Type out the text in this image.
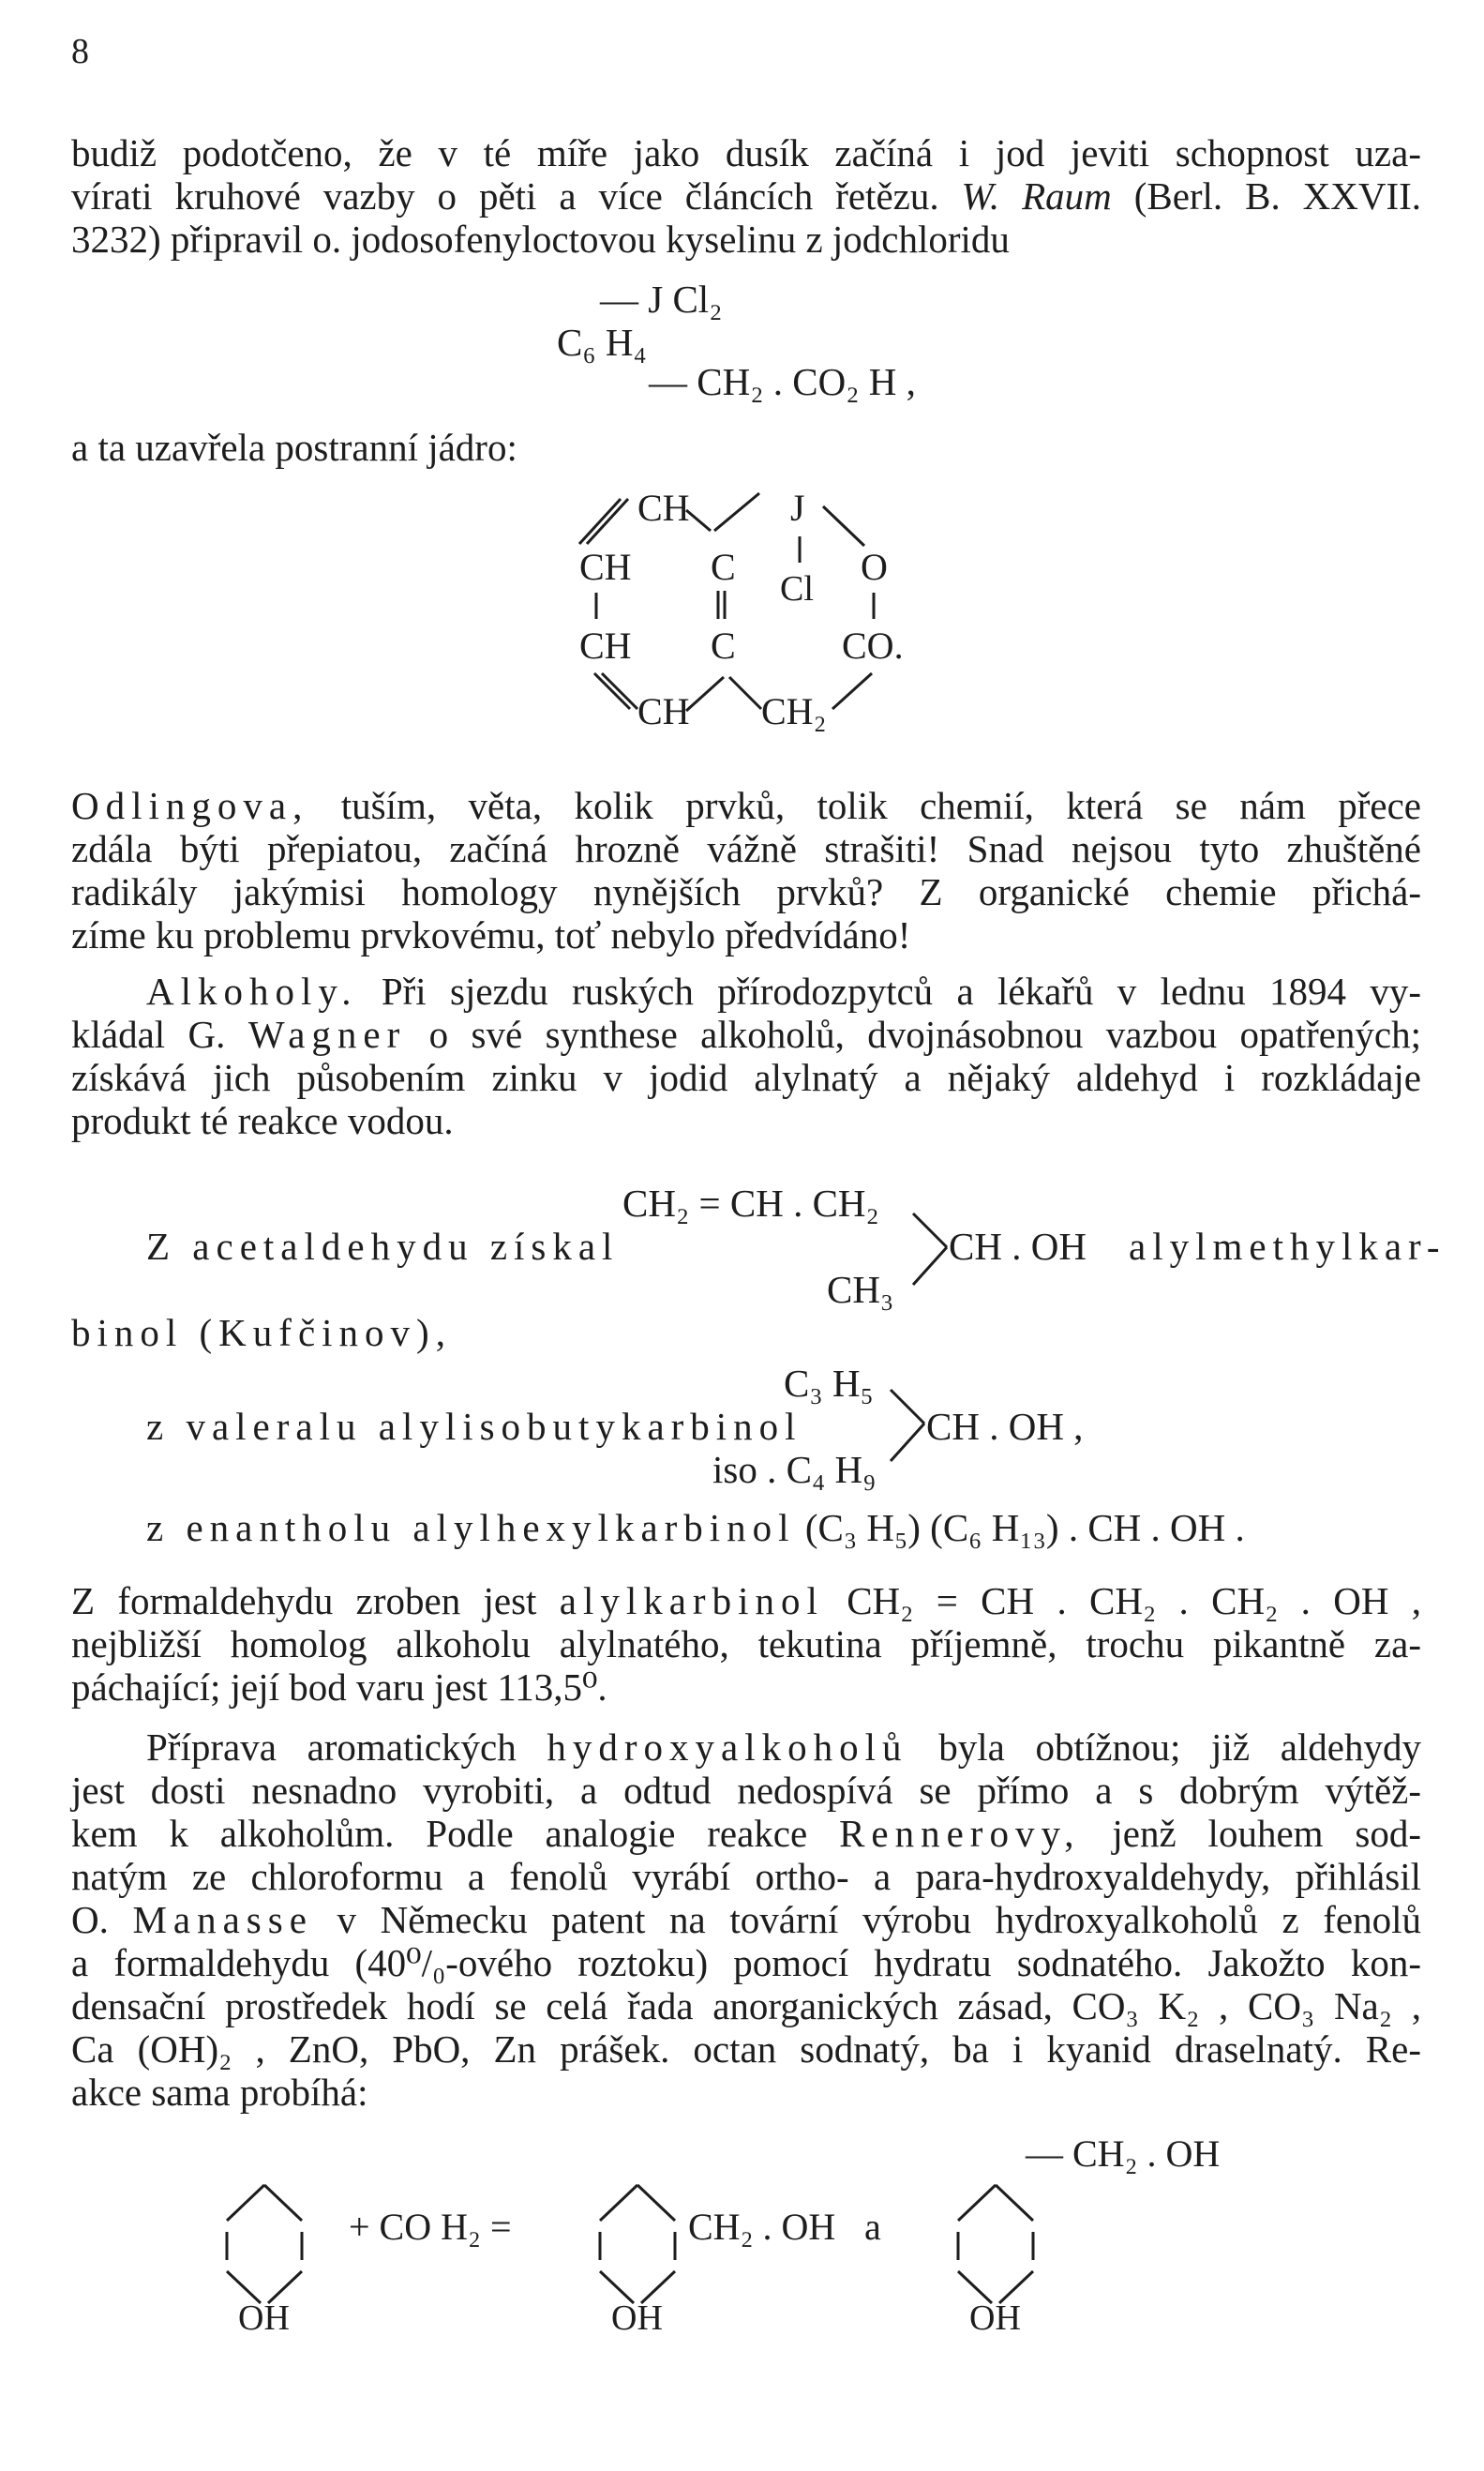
8
budiž podotčeno, že v té míře jako dusík začíná i jod jeviti schopnost uza-
vírati kruhové vazby o pěti a více článcích řetězu. W. Raum (Berl. B. XXVII.
3232) připravil o. jodosofenyloctovou kyselinu z jodchloridu
— J Cl₂
C₆ H₄
— CH₂ . CO₂ H ,
a ta uzavřela postranní jádro:
CH	J
CH C
Cl
O
CH C	CO.
CH CH₂
Odlingova, tuším, věta, kolik prvků, tolik chemií, která se nám přece
zdála býti přepiatou, začíná hrozně vážně strašiti! Snad nejsou tyto zhuštěné
radikály jakýmisi homology nynějších prvků? Z organické chemie přichá-
zíme ku problemu prvkovému, toť nebylo předvídáno!
Alkoholy. Při sjezdu ruských přírodozpytců a lékařů v lednu 1894 vy-
kládal G. Wagner o své synthese alkoholů, dvojnásobnou vazbou opatřených;
získává jich působením zinku v jodid alylnatý a nějaký aldehyd i rozkládaje
produkt té reakce vodou.
CH₂ = CH . CH₂
Z acetaldehydu získal	CH . OH alylmethylkar-
CH₃
binol (Kufčinov),
C₃ H₅
z valeralu alylisobutykarbinol	CH . OH ,
iso . C₄ H₉
z enantholu alylhexylkarbinol (C₃ H₅) (C₆ H₁₃) . CH . OH .
Z formaldehydu zroben jest alylkarbinol CH₂ = CH . CH₂ . CH₂ . OH ,
nejbližší homolog alkoholu alylnatého, tekutina příjemně, trochu pikantně za-
páchající; její bod varu jest 113,5⁰.
Příprava aromatických hydroxyalkoholů byla obtížnou; již aldehydy
jest dosti nesnadno vyrobiti, a odtud nedospívá se přímo a s dobrým výtěž-
kem k alkoholům. Podle analogie reakce Rennerovy, jenž louhem sod-
natým ze chloroformu a fenolů vyrábí ortho- a para-hydroxyaldehydy, přihlásil
O. Manasse v Německu patent na tovární výrobu hydroxyalkoholů z fenolů
a formaldehydu (40⁰/₀-ového roztoku) pomocí hydratu sodnatého. Jakožto kon-
densační prostředek hodí se celá řada anorganických zásad, CO₃ K₂ , CO₃ Na₂ ,
Ca (OH)₂ , ZnO, PbO, Zn prášek. octan sodnatý, ba i kyanid draselnatý. Re-
akce sama probíhá:
OH
+ CO H₂ =	CH₂ . OH
OH
a
— CH₂ . OH
OH
